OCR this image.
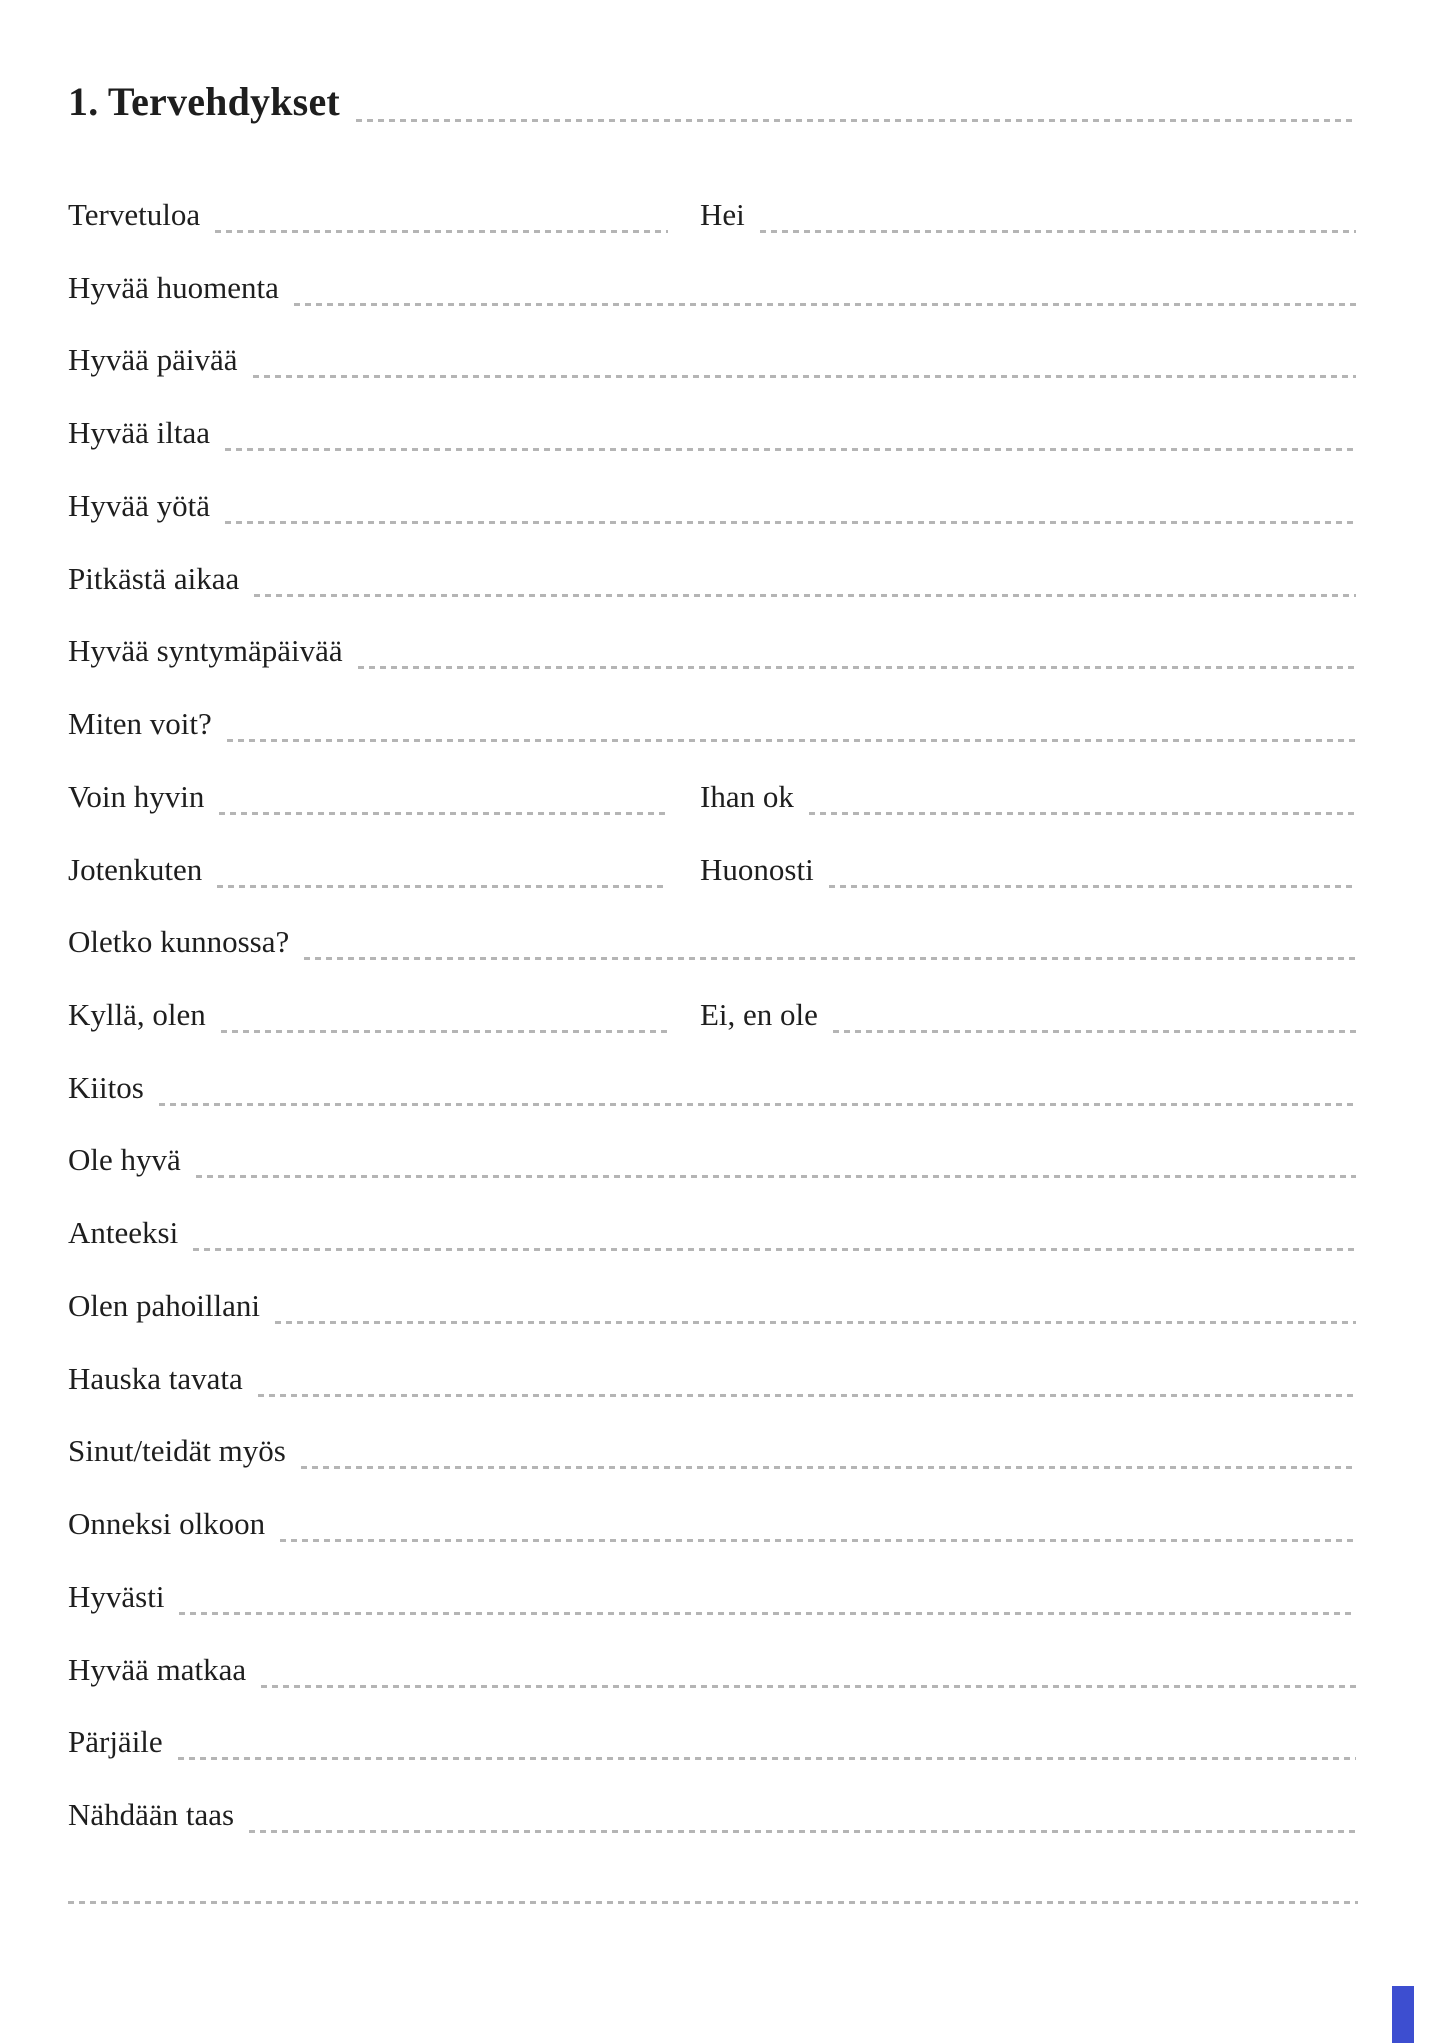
1. Tervehdykset
Tervetuloa	Hei
Hyvää huomenta
Hyvää päivää
Hyvää iltaa
Hyvää yötä
Pitkästä aikaa
Hyvää syntymäpäivää
Miten voit?
Voin hyvin	Ihan ok
Jotenkuten	Huonosti
Oletko kunnossa?
Kyllä, olen	Ei, en ole
Kiitos
Ole hyvä
Anteeksi
Olen pahoillani
Hauska tavata
Sinut/teidät myös
Onneksi olkoon
Hyvästi
Hyvää matkaa
Pärjäile
Nähdään taas
